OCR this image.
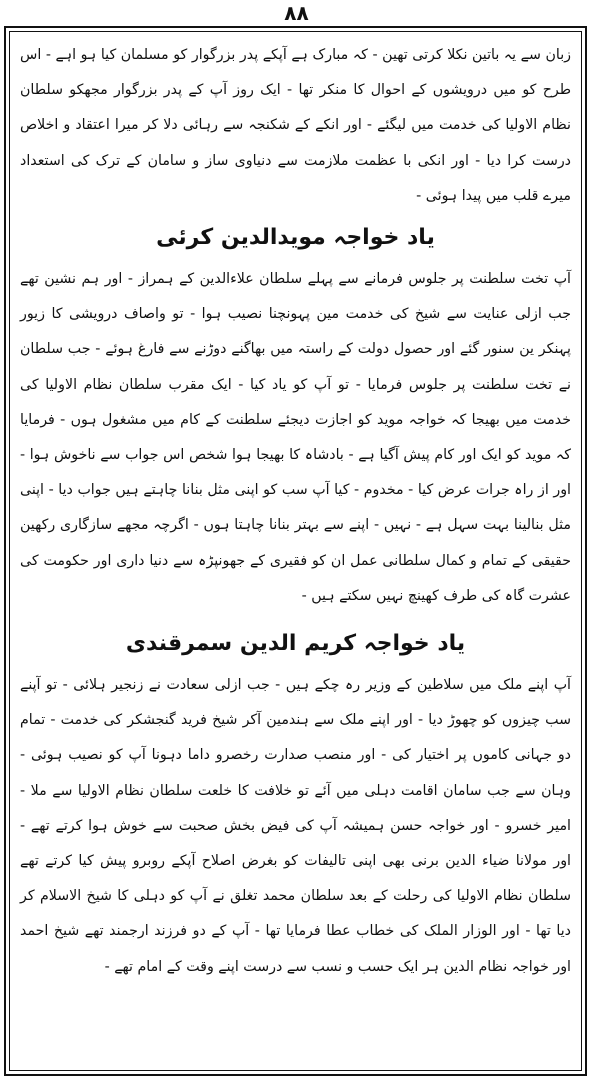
۸۸

زبان سے یہ باتین نکلا کرتی تھین - کہ مبارک ہے آپکے پدر بزرگوار کو مسلمان کیا ہو اہے - اس طرح کو میں درویشوں کے احوال کا منکر تھا - ایک روز آپ کے پدر بزرگوار مجھکو سلطان نظام الاولیا کی خدمت میں لیگئے - اور انکے کے شکنجہ سے رہائی دلا کر میرا اعتقاد و اخلاص درست کرا دیا - اور انکی با عظمت ملازمت سے دنیاوی ساز و سامان کے ترک کی استعداد میرے قلب میں پیدا ہوئی -

یاد خواجہ مویدالدین کرئی

آپ تخت سلطنت پر جلوس فرمانے سے پہلے سلطان علاءالدین کے ہمراز - اور ہم نشین تھے جب ازلی عنایت سے شیخ کی خدمت مین پہونچنا نصیب ہوا - تو واصاف درویشی کا زیور پہنکر ین سنور گئے اور حصول دولت کے راستہ میں بھاگنے دوڑنے سے فارغ ہوئے - جب سلطان نے تخت سلطنت پر جلوس فرمایا - تو آپ کو یاد کیا - ایک مقرب سلطان نظام الاولیا کی خدمت میں بھیجا کہ خواجہ موید کو اجازت دیجئے سلطنت کے کام میں مشغول ہوں - فرمایا کہ موید کو ایک اور کام پیش آگیا ہے - بادشاہ کا بھیجا ہوا شخص اس جواب سے ناخوش ہوا - اور از راہ جرات عرض کیا - مخدوم - کیا آپ سب کو اپنی مثل بنانا چاہتے ہیں جواب دیا - اپنی مثل بنالینا بہت سہل ہے - نہیں - اپنے سے بہتر بنانا چاہتا ہوں - اگرچہ مجھے سازگاری رکھین حقیقی کے تمام و کمال سلطانی عمل ان کو فقیری کے جھونپڑہ سے دنیا داری اور حکومت کی عشرت گاہ کی طرف کھینچ نہیں سکتے ہیں -

یاد خواجہ کریم الدین سمرقندی

آپ اپنے ملک میں سلاطین کے وزیر رہ چکے ہیں - جب ازلی سعادت نے زنجیر ہلائی - تو آپنے سب چیزوں کو چھوڑ دیا - اور اپنے ملک سے ہندمین آکر شیخ فرید گنجشکر کی خدمت - تمام دو جہانی کاموں پر اختیار کی - اور منصب صدارت رخصرو داما دہونا آپ کو نصیب ہوئی - وہان سے جب سامان اقامت دہلی میں آئے تو خلافت کا خلعت سلطان نظام الاولیا سے ملا - امیر خسرو - اور خواجہ حسن ہمیشہ آپ کی فیض بخش صحبت سے خوش ہوا کرتے تھے - اور مولانا ضیاء الدین برنی بھی اپنی تالیفات کو بغرض اصلاح آپکے روبرو پیش کیا کرتے تھے سلطان نظام الاولیا کی رحلت کے بعد سلطان محمد تغلق نے آپ کو دہلی کا شیخ الاسلام کر دیا تھا - اور الوزار الملک کی خطاب عطا فرمایا تھا - آپ کے دو فرزند ارجمند تھے شیخ احمد اور خواجہ نظام الدین ہر ایک حسب و نسب سے درست اپنے وقت کے امام تھے -
